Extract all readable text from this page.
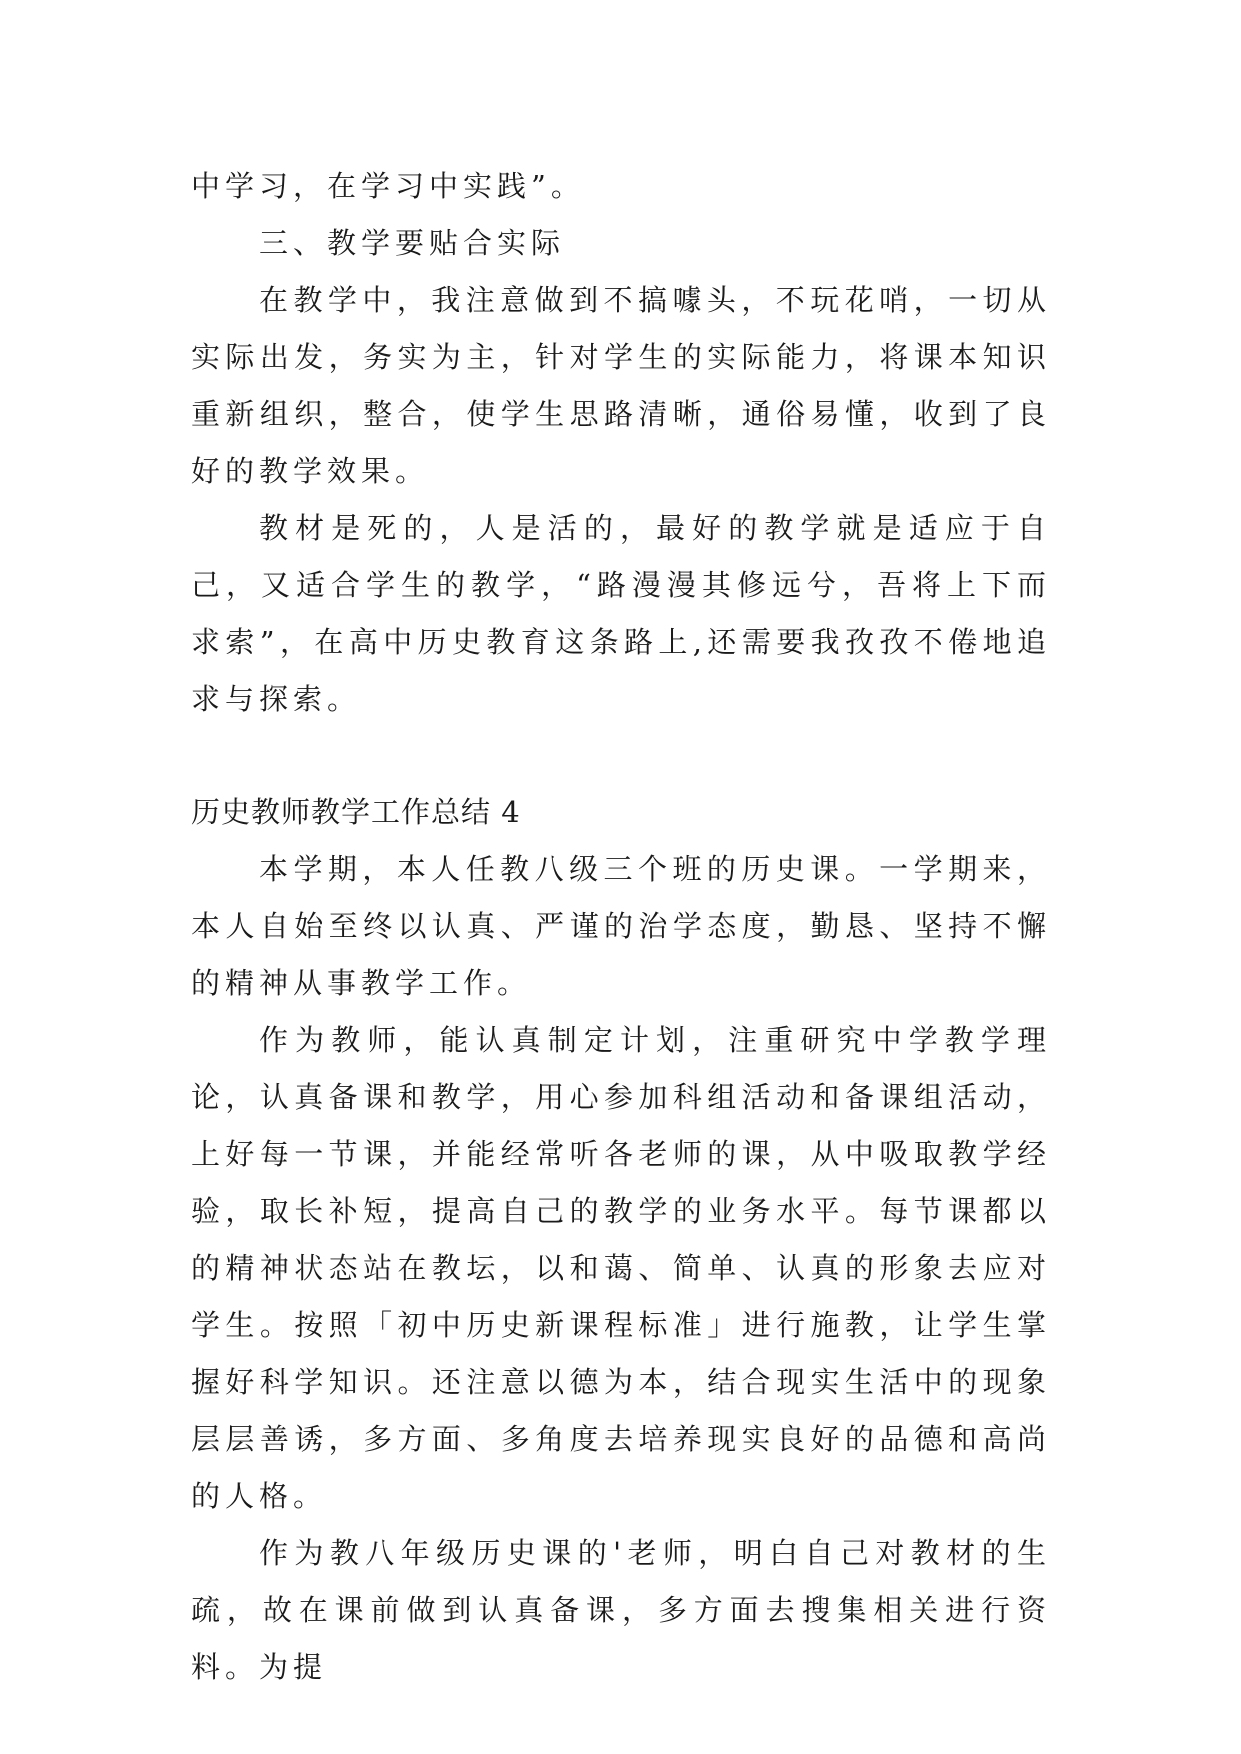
中学习，在学习中实践”。

三、教学要贴合实际

在教学中，我注意做到不搞噱头，不玩花哨，一切从实际出发，务实为主，针对学生的实际能力，将课本知识重新组织，整合，使学生思路清晰，通俗易懂，收到了良好的教学效果。

教材是死的，人是活的，最好的教学就是适应于自己，又适合学生的教学，“路漫漫其修远兮，吾将上下而求索”，在高中历史教育这条路上,还需要我孜孜不倦地追求与探索。

历史教师教学工作总结 4

本学期，本人任教八级三个班的历史课。一学期来，本人自始至终以认真、严谨的治学态度，勤恳、坚持不懈的精神从事教学工作。

作为教师，能认真制定计划，注重研究中学教学理论，认真备课和教学，用心参加科组活动和备课组活动，上好每一节课，并能经常听各老师的课，从中吸取教学经验，取长补短，提高自己的教学的业务水平。每节课都以的精神状态站在教坛，以和蔼、简单、认真的形象去应对学生。按照「初中历史新课程标准」进行施教，让学生掌握好科学知识。还注意以德为本，结合现实生活中的现象层层善诱，多方面、多角度去培养现实良好的品德和高尚的人格。

作为教八年级历史课的'老师，明白自己对教材的生疏，故在课前做到认真备课，多方面去搜集相关进行资料。为提
